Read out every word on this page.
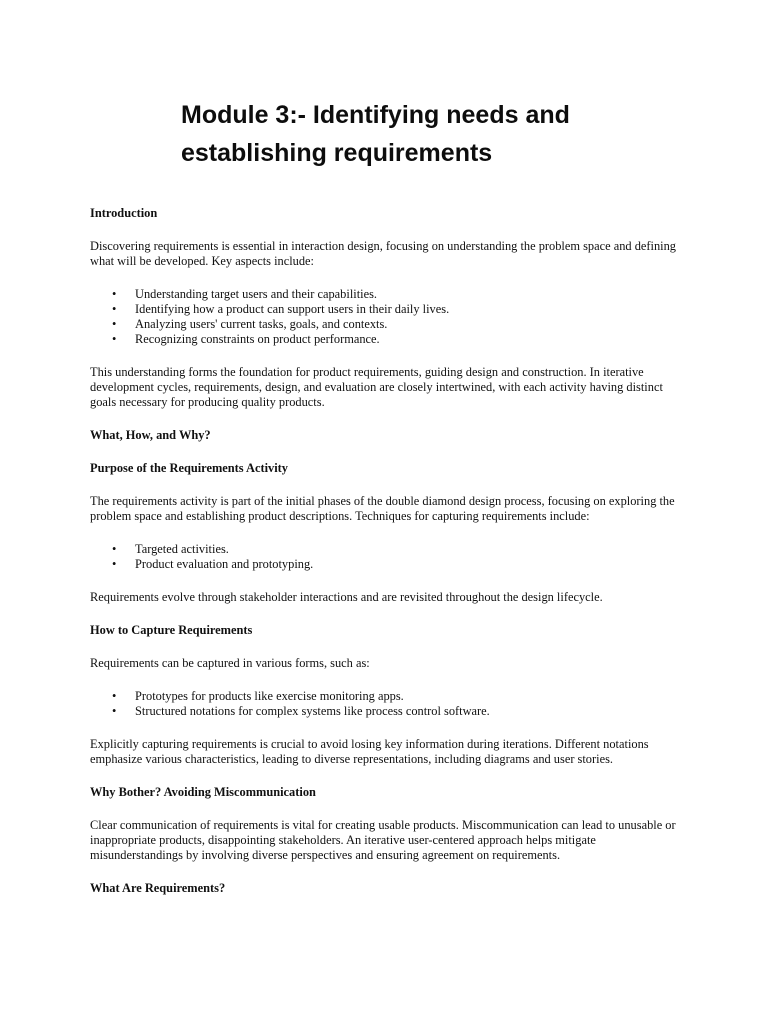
Module 3:- Identifying needs and
establishing requirements
Introduction

Discovering requirements is essential in interaction design, focusing on understanding the problem space and defining what will be developed. Key aspects include:

• Understanding target users and their capabilities.
• Identifying how a product can support users in their daily lives.
• Analyzing users' current tasks, goals, and contexts.
• Recognizing constraints on product performance.

This understanding forms the foundation for product requirements, guiding design and construction. In iterative development cycles, requirements, design, and evaluation are closely intertwined, with each activity having distinct goals necessary for producing quality products.

What, How, and Why?
Purpose of the Requirements Activity

The requirements activity is part of the initial phases of the double diamond design process, focusing on exploring the problem space and establishing product descriptions. Techniques for capturing requirements include:

• Targeted activities.
• Product evaluation and prototyping.

Requirements evolve through stakeholder interactions and are revisited throughout the design lifecycle.

How to Capture Requirements

Requirements can be captured in various forms, such as:

• Prototypes for products like exercise monitoring apps.
• Structured notations for complex systems like process control software.

Explicitly capturing requirements is crucial to avoid losing key information during iterations. Different notations emphasize various characteristics, leading to diverse representations, including diagrams and user stories.

Why Bother? Avoiding Miscommunication

Clear communication of requirements is vital for creating usable products. Miscommunication can lead to unusable or inappropriate products, disappointing stakeholders. An iterative user-centered approach helps mitigate misunderstandings by involving diverse perspectives and ensuring agreement on requirements.

What Are Requirements?
